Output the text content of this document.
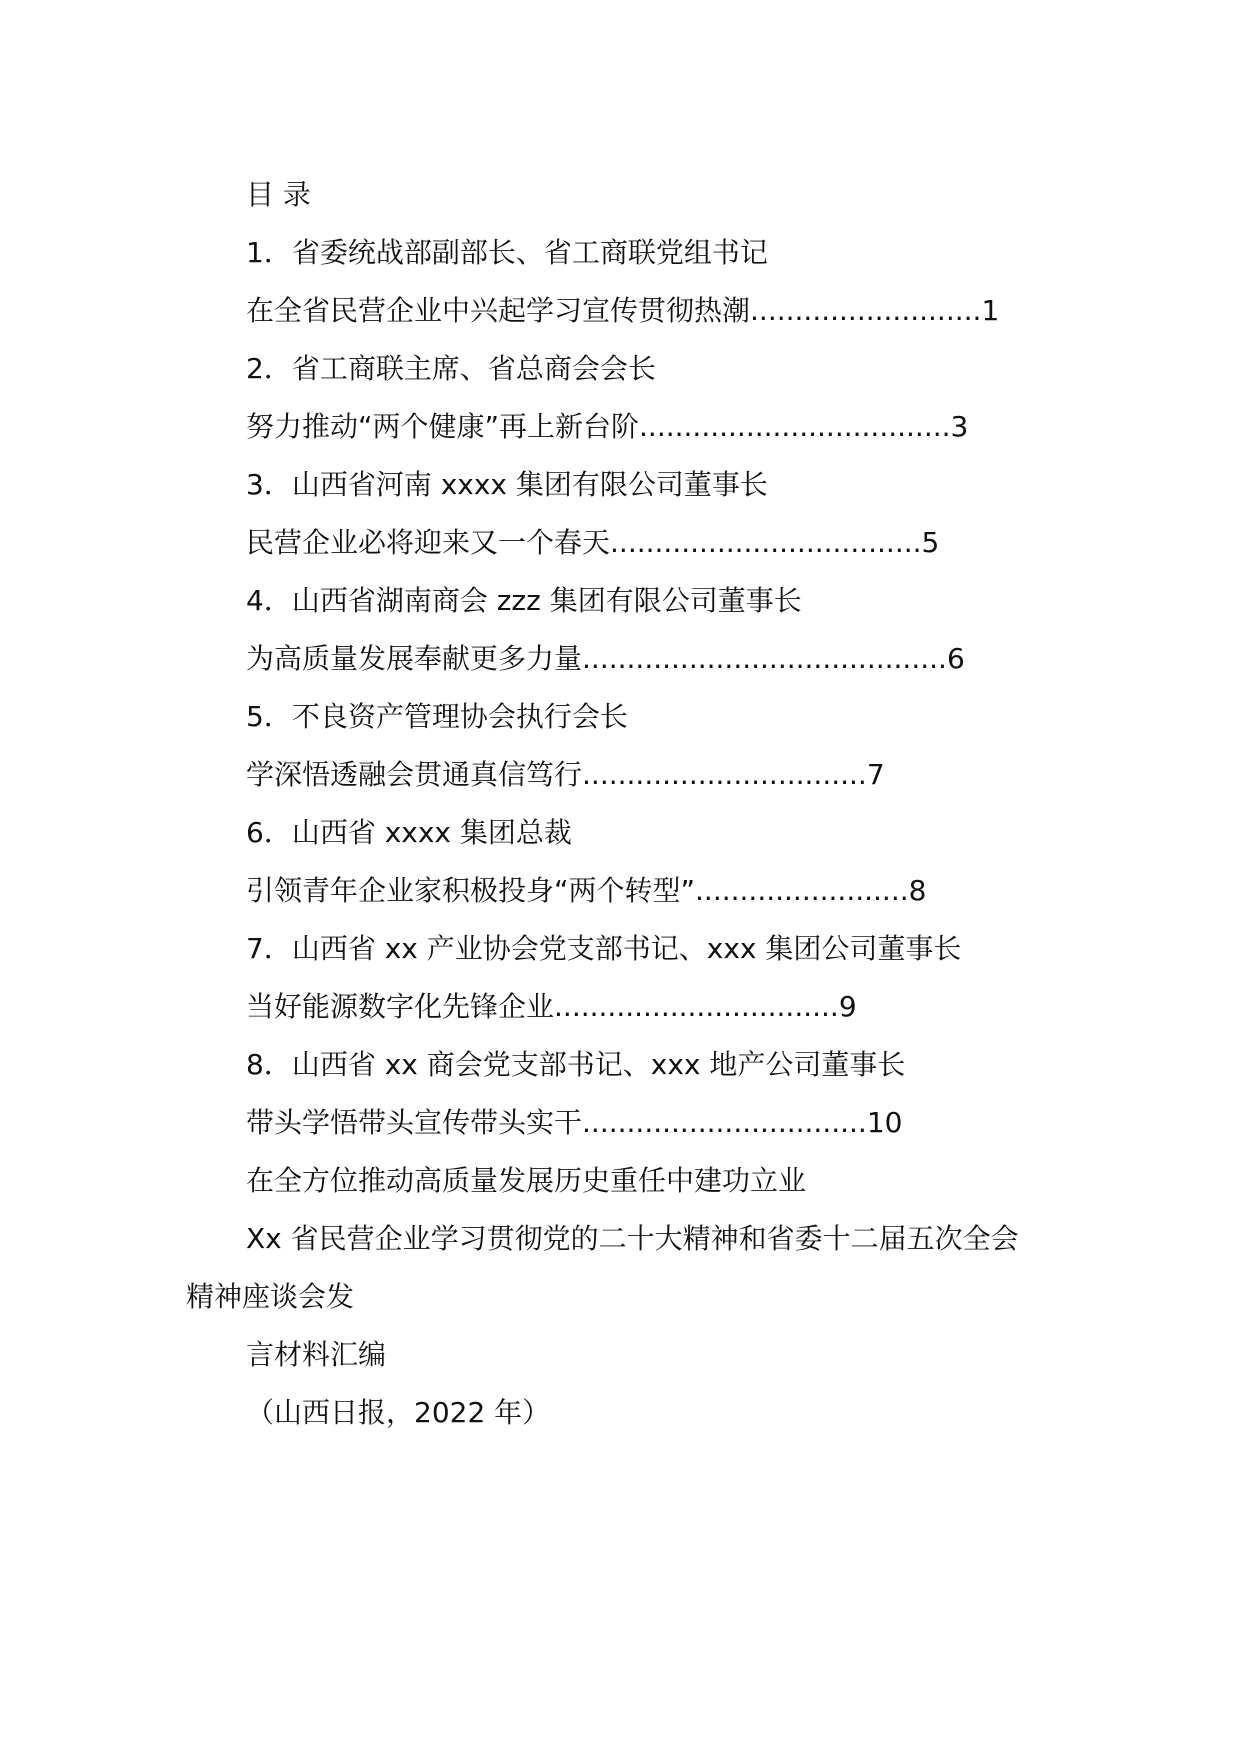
目 录
1．省委统战部副部长、省工商联党组书记
在全省民营企业中兴起学习宣传贯彻热潮..........................1
2．省工商联主席、省总商会会长
努力推动“两个健康”再上新台阶...................................3
3．山西省河南 xxxx 集团有限公司董事长
民营企业必将迎来又一个春天...................................5
4．山西省湖南商会 zzz 集团有限公司董事长
为高质量发展奉献更多力量.........................................6
5．不良资产管理协会执行会长
学深悟透融会贯通真信笃行................................7
6．山西省 xxxx 集团总裁
引领青年企业家积极投身“两个转型”........................8
7．山西省 xx 产业协会党支部书记、xxx 集团公司董事长
当好能源数字化先锋企业................................9
8．山西省 xx 商会党支部书记、xxx 地产公司董事长
带头学悟带头宣传带头实干................................10
在全方位推动高质量发展历史重任中建功立业
Xx 省民营企业学习贯彻党的二十大精神和省委十二届五次全会
精神座谈会发
言材料汇编
（山西日报，2022 年）
